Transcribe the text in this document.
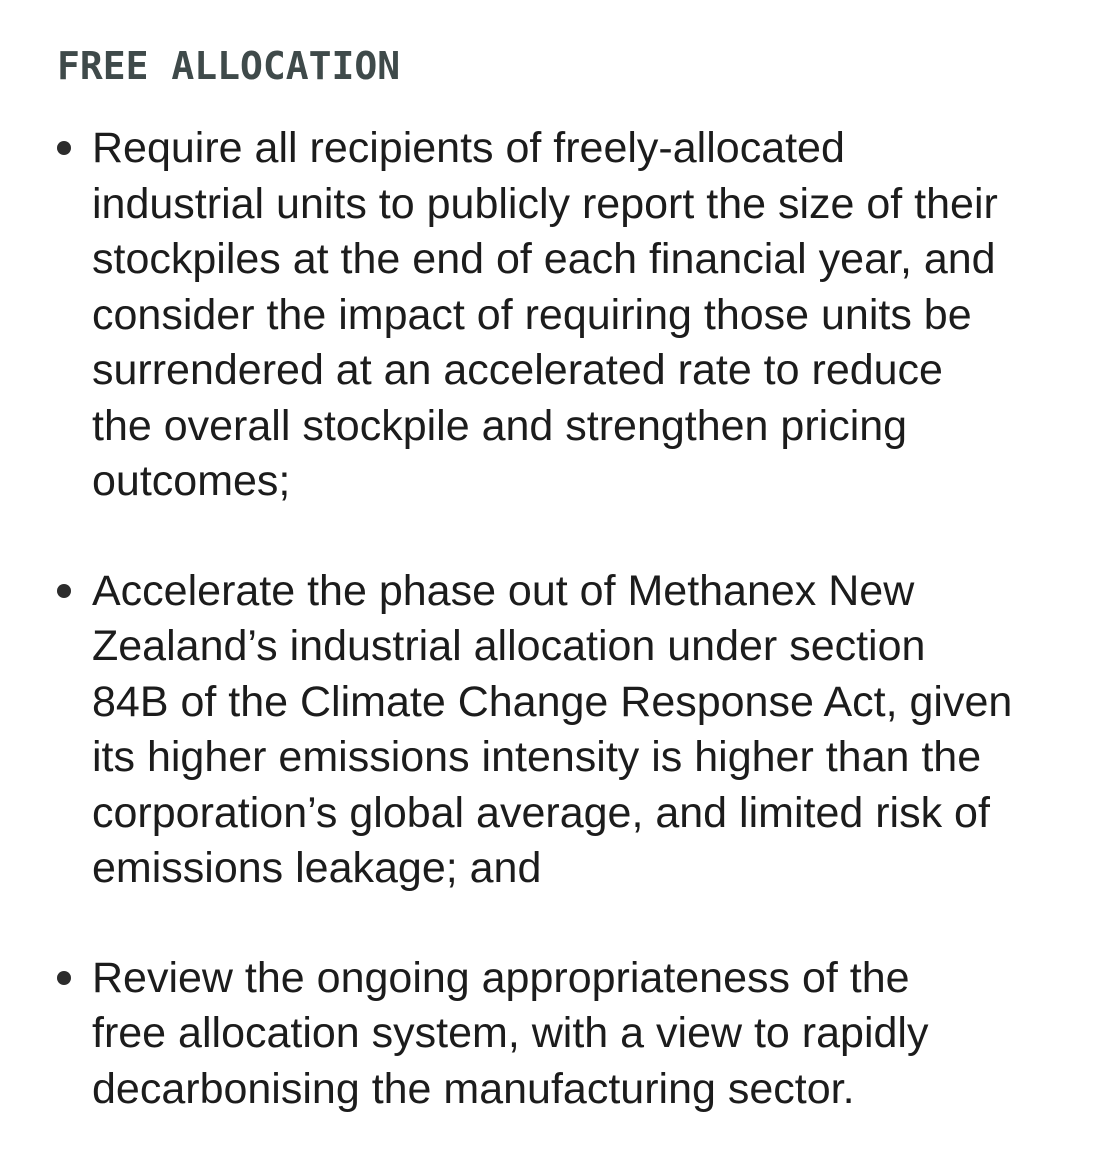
FREE ALLOCATION
Require all recipients of freely-allocated
industrial units to publicly report the size of their
stockpiles at the end of each financial year, and
consider the impact of requiring those units be
surrendered at an accelerated rate to reduce
the overall stockpile and strengthen pricing
outcomes;
Accelerate the phase out of Methanex New
Zealand’s industrial allocation under section
84B of the Climate Change Response Act, given
its higher emissions intensity is higher than the
corporation’s global average, and limited risk of
emissions leakage; and
Review the ongoing appropriateness of the
free allocation system, with a view to rapidly
decarbonising the manufacturing sector.
